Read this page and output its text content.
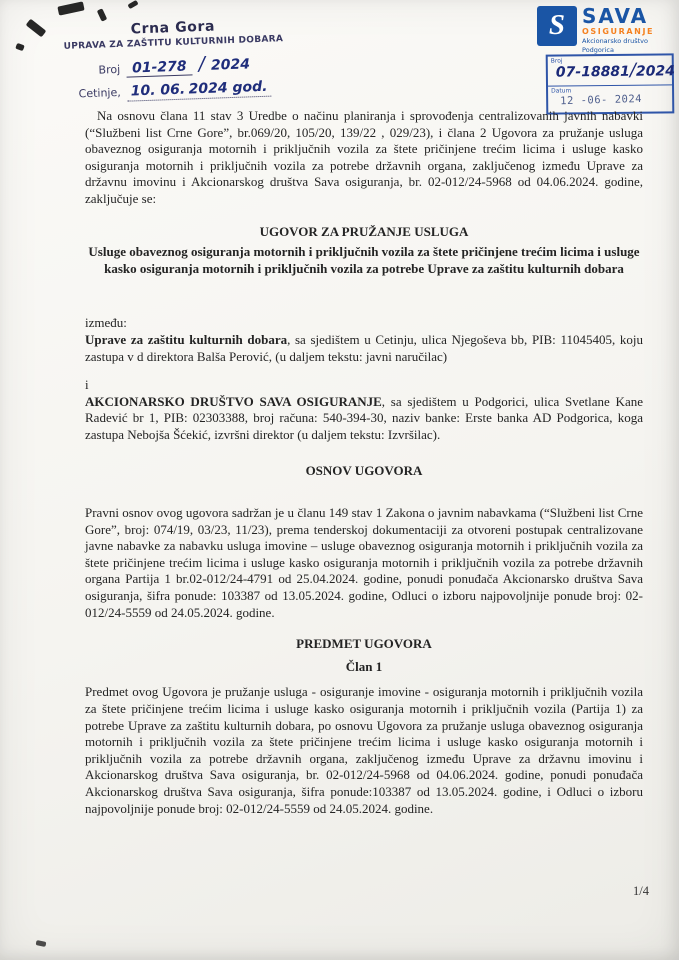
Crna Gora
UPRAVA ZA ZAŠTITU KULTURNIH DOBARA
Broj 01-278 / 2024
Cetinje, 10. 06. 2024 god.
S SAVA
OSIGURANJE
Akcionarsko društvo
Podgorica
Broj
07-18881/2024
Datum
12 -06- 2024

Na osnovu člana 11 stav 3 Uredbe o načinu planiranja i sprovođenja centralizovanih javnih nabavki (“Službeni list Crne Gore”, br.069/20, 105/20, 139/22 , 029/23), i člana 2 Ugovora za pružanje usluga obaveznog osiguranja motornih i priključnih vozila za štete pričinjene trećim licima i usluge kasko osiguranja motornih i priključnih vozila za potrebe državnih organa, zaključenog između Uprave za državnu imovinu i Akcionarskog društva Sava osiguranja, br. 02-012/24-5968 od 04.06.2024. godine, zaključuje se:

UGOVOR ZA PRUŽANJE USLUGA

Usluge obaveznog osiguranja motornih i priključnih vozila za štete pričinjene trećim licima i usluge kasko osiguranja motornih i priključnih vozila za potrebe Uprave za zaštitu kulturnih dobara

između:

Uprave za zaštitu kulturnih dobara, sa sjedištem u Cetinju, ulica Njegoševa bb, PIB: 11045405, koju zastupa v d direktora Balša Perović, (u daljem tekstu: javni naručilac)

i

AKCIONARSKO DRUŠTVO SAVA OSIGURANJE, sa sjedištem u Podgorici, ulica Svetlane Kane Radević br 1, PIB: 02303388, broj računa: 540-394-30, naziv banke: Erste banka AD Podgorica, koga zastupa Nebojša Šćekić, izvršni direktor (u daljem tekstu: Izvršilac).

OSNOV UGOVORA

Pravni osnov ovog ugovora sadržan je u članu 149 stav 1 Zakona o javnim nabavkama (“Službeni list Crne Gore”, broj: 074/19, 03/23, 11/23), prema tenderskoj dokumentaciji za otvoreni postupak centralizovane javne nabavke za nabavku usluga imovine – usluge obaveznog osiguranja motornih i priključnih vozila za štete pričinjene trećim licima i usluge kasko osiguranja motornih i priključnih vozila za potrebe državnih organa Partija 1 br.02-012/24-4791 od 25.04.2024. godine, ponudi ponuđača Akcionarsko društva Sava osiguranja, šifra ponude: 103387 od 13.05.2024. godine, Odluci o izboru najpovoljnije ponude broj: 02-012/24-5559 od 24.05.2024. godine.

PREDMET UGOVORA

Član 1

Predmet ovog Ugovora je pružanje usluga - osiguranje imovine - osiguranja motornih i priključnih vozila za štete pričinjene trećim licima i usluge kasko osiguranja motornih i priključnih vozila (Partija 1) za potrebe Uprave za zaštitu kulturnih dobara, po osnovu Ugovora za pružanje usluga obaveznog osiguranja motornih i priključnih vozila za štete pričinjene trećim licima i usluge kasko osiguranja motornih i priključnih vozila za potrebe državnih organa, zaključenog između Uprave za državnu imovinu i Akcionarskog društva Sava osiguranja, br. 02-012/24-5968 od 04.06.2024. godine, ponudi ponuđača Akcionarskog društva Sava osiguranja, šifra ponude:103387 od 13.05.2024. godine, i Odluci o izboru najpovoljnije ponude broj: 02-012/24-5559 od 24.05.2024. godine.

1/4
